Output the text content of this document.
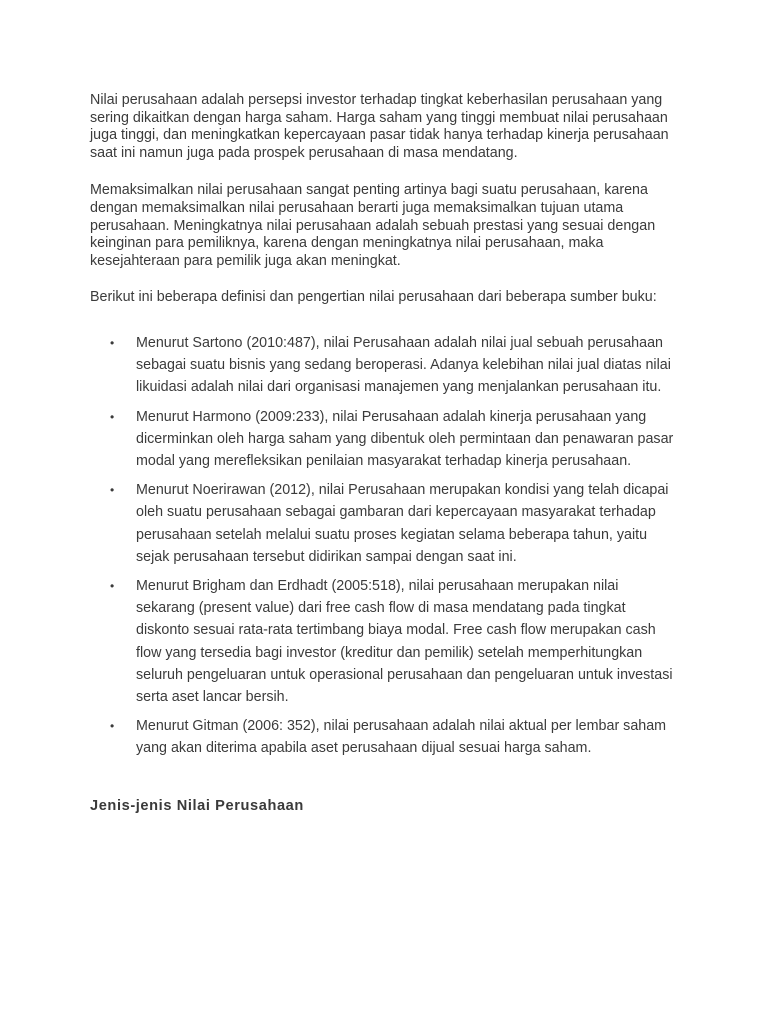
Nilai perusahaan adalah persepsi investor terhadap tingkat keberhasilan perusahaan yang sering dikaitkan dengan harga saham. Harga saham yang tinggi membuat nilai perusahaan juga tinggi, dan meningkatkan kepercayaan pasar tidak hanya terhadap kinerja perusahaan saat ini namun juga pada prospek perusahaan di masa mendatang.

Memaksimalkan nilai perusahaan sangat penting artinya bagi suatu perusahaan, karena dengan memaksimalkan nilai perusahaan berarti juga memaksimalkan tujuan utama perusahaan. Meningkatnya nilai perusahaan adalah sebuah prestasi yang sesuai dengan keinginan para pemiliknya, karena dengan meningkatnya nilai perusahaan, maka kesejahteraan para pemilik juga akan meningkat.

Berikut ini beberapa definisi dan pengertian nilai perusahaan dari beberapa sumber buku:

• Menurut Sartono (2010:487), nilai Perusahaan adalah nilai jual sebuah perusahaan sebagai suatu bisnis yang sedang beroperasi. Adanya kelebihan nilai jual diatas nilai likuidasi adalah nilai dari organisasi manajemen yang menjalankan perusahaan itu.
• Menurut Harmono (2009:233), nilai Perusahaan adalah kinerja perusahaan yang dicerminkan oleh harga saham yang dibentuk oleh permintaan dan penawaran pasar modal yang merefleksikan penilaian masyarakat terhadap kinerja perusahaan.
• Menurut Noerirawan (2012), nilai Perusahaan merupakan kondisi yang telah dicapai oleh suatu perusahaan sebagai gambaran dari kepercayaan masyarakat terhadap perusahaan setelah melalui suatu proses kegiatan selama beberapa tahun, yaitu sejak perusahaan tersebut didirikan sampai dengan saat ini.
• Menurut Brigham dan Erdhadt (2005:518), nilai perusahaan merupakan nilai sekarang (present value) dari free cash flow di masa mendatang pada tingkat diskonto sesuai rata-rata tertimbang biaya modal. Free cash flow merupakan cash flow yang tersedia bagi investor (kreditur dan pemilik) setelah memperhitungkan seluruh pengeluaran untuk operasional perusahaan dan pengeluaran untuk investasi serta aset lancar bersih.
• Menurut Gitman (2006: 352), nilai perusahaan adalah nilai aktual per lembar saham yang akan diterima apabila aset perusahaan dijual sesuai harga saham.
Jenis-jenis Nilai Perusahaan
